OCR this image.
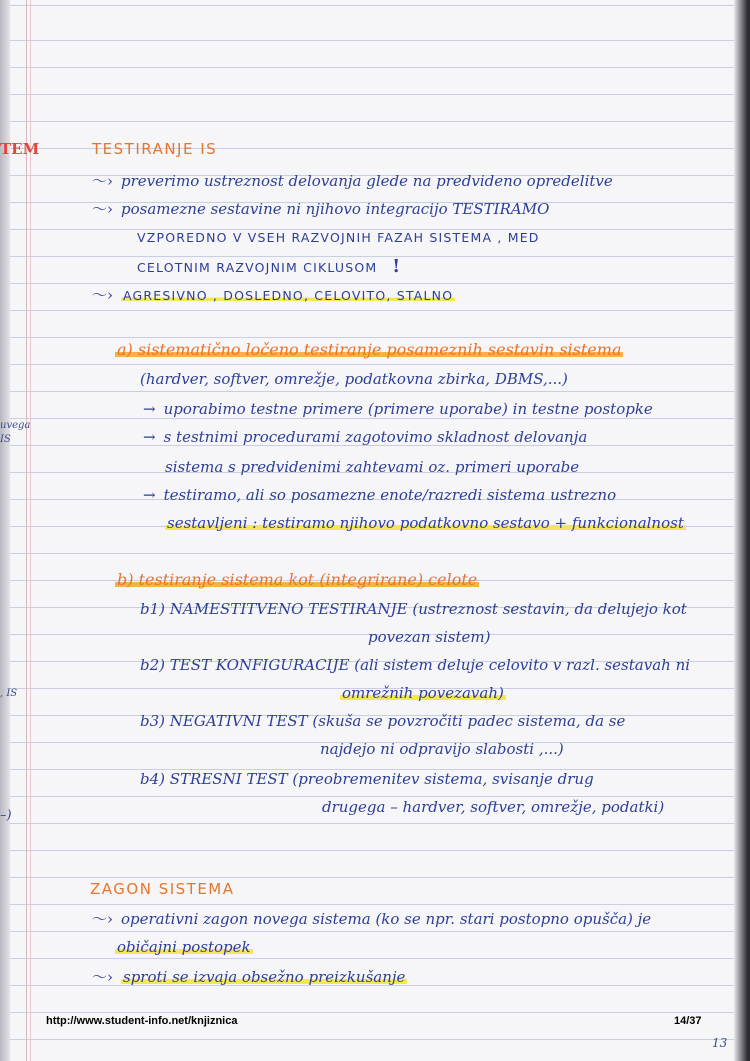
TEM
uvega
IS
, IS
–)
TESTIRANJE IS
〜› preverimo ustreznost delovanja glede na predvideno opredelitve
〜› posamezne sestavine ni njihovo integracijo TESTIRAMO
VZPOREDNO V VSEH RAZVOJNIH FAZAH SISTEMA , MED
CELOTNIM RAZVOJNIM CIKLUSOM !
〜› AGRESIVNO , DOSLEDNO, CELOVITO, STALNO
a) sistematično ločeno testiranje posameznih sestavin sistema
(hardver, softver, omrežje, podatkovna zbirka, DBMS,...)
→ uporabimo testne primere (primere uporabe) in testne postopke
→ s testnimi procedurami zagotovimo skladnost delovanja
sistema s predvidenimi zahtevami oz. primeri uporabe
→ testiramo, ali so posamezne enote/razredi sistema ustrezno
sestavljeni : testiramo njihovo podatkovno sestavo + funkcionalnost
b) testiranje sistema kot (integrirane) celote
b1) NAMESTITVENO TESTIRANJE (ustreznost sestavin, da delujejo kot
povezan sistem)
b2) TEST KONFIGURACIJE (ali sistem deluje celovito v razl. sestavah ni
omrežnih povezavah)
b3) NEGATIVNI TEST (skuša se povzročiti padec sistema, da se
najdejo ni odpravijo slabosti ,...)
b4) STRESNI TEST (preobremenitev sistema, svisanje drug
drugega – hardver, softver, omrežje, podatki)
ZAGON SISTEMA
〜› operativni zagon novega sistema (ko se npr. stari postopno opušča) je
običajni postopek
〜› sproti se izvaja obsežno preizkušanje
http://www.student-info.net/knjiznica	14/37
13
